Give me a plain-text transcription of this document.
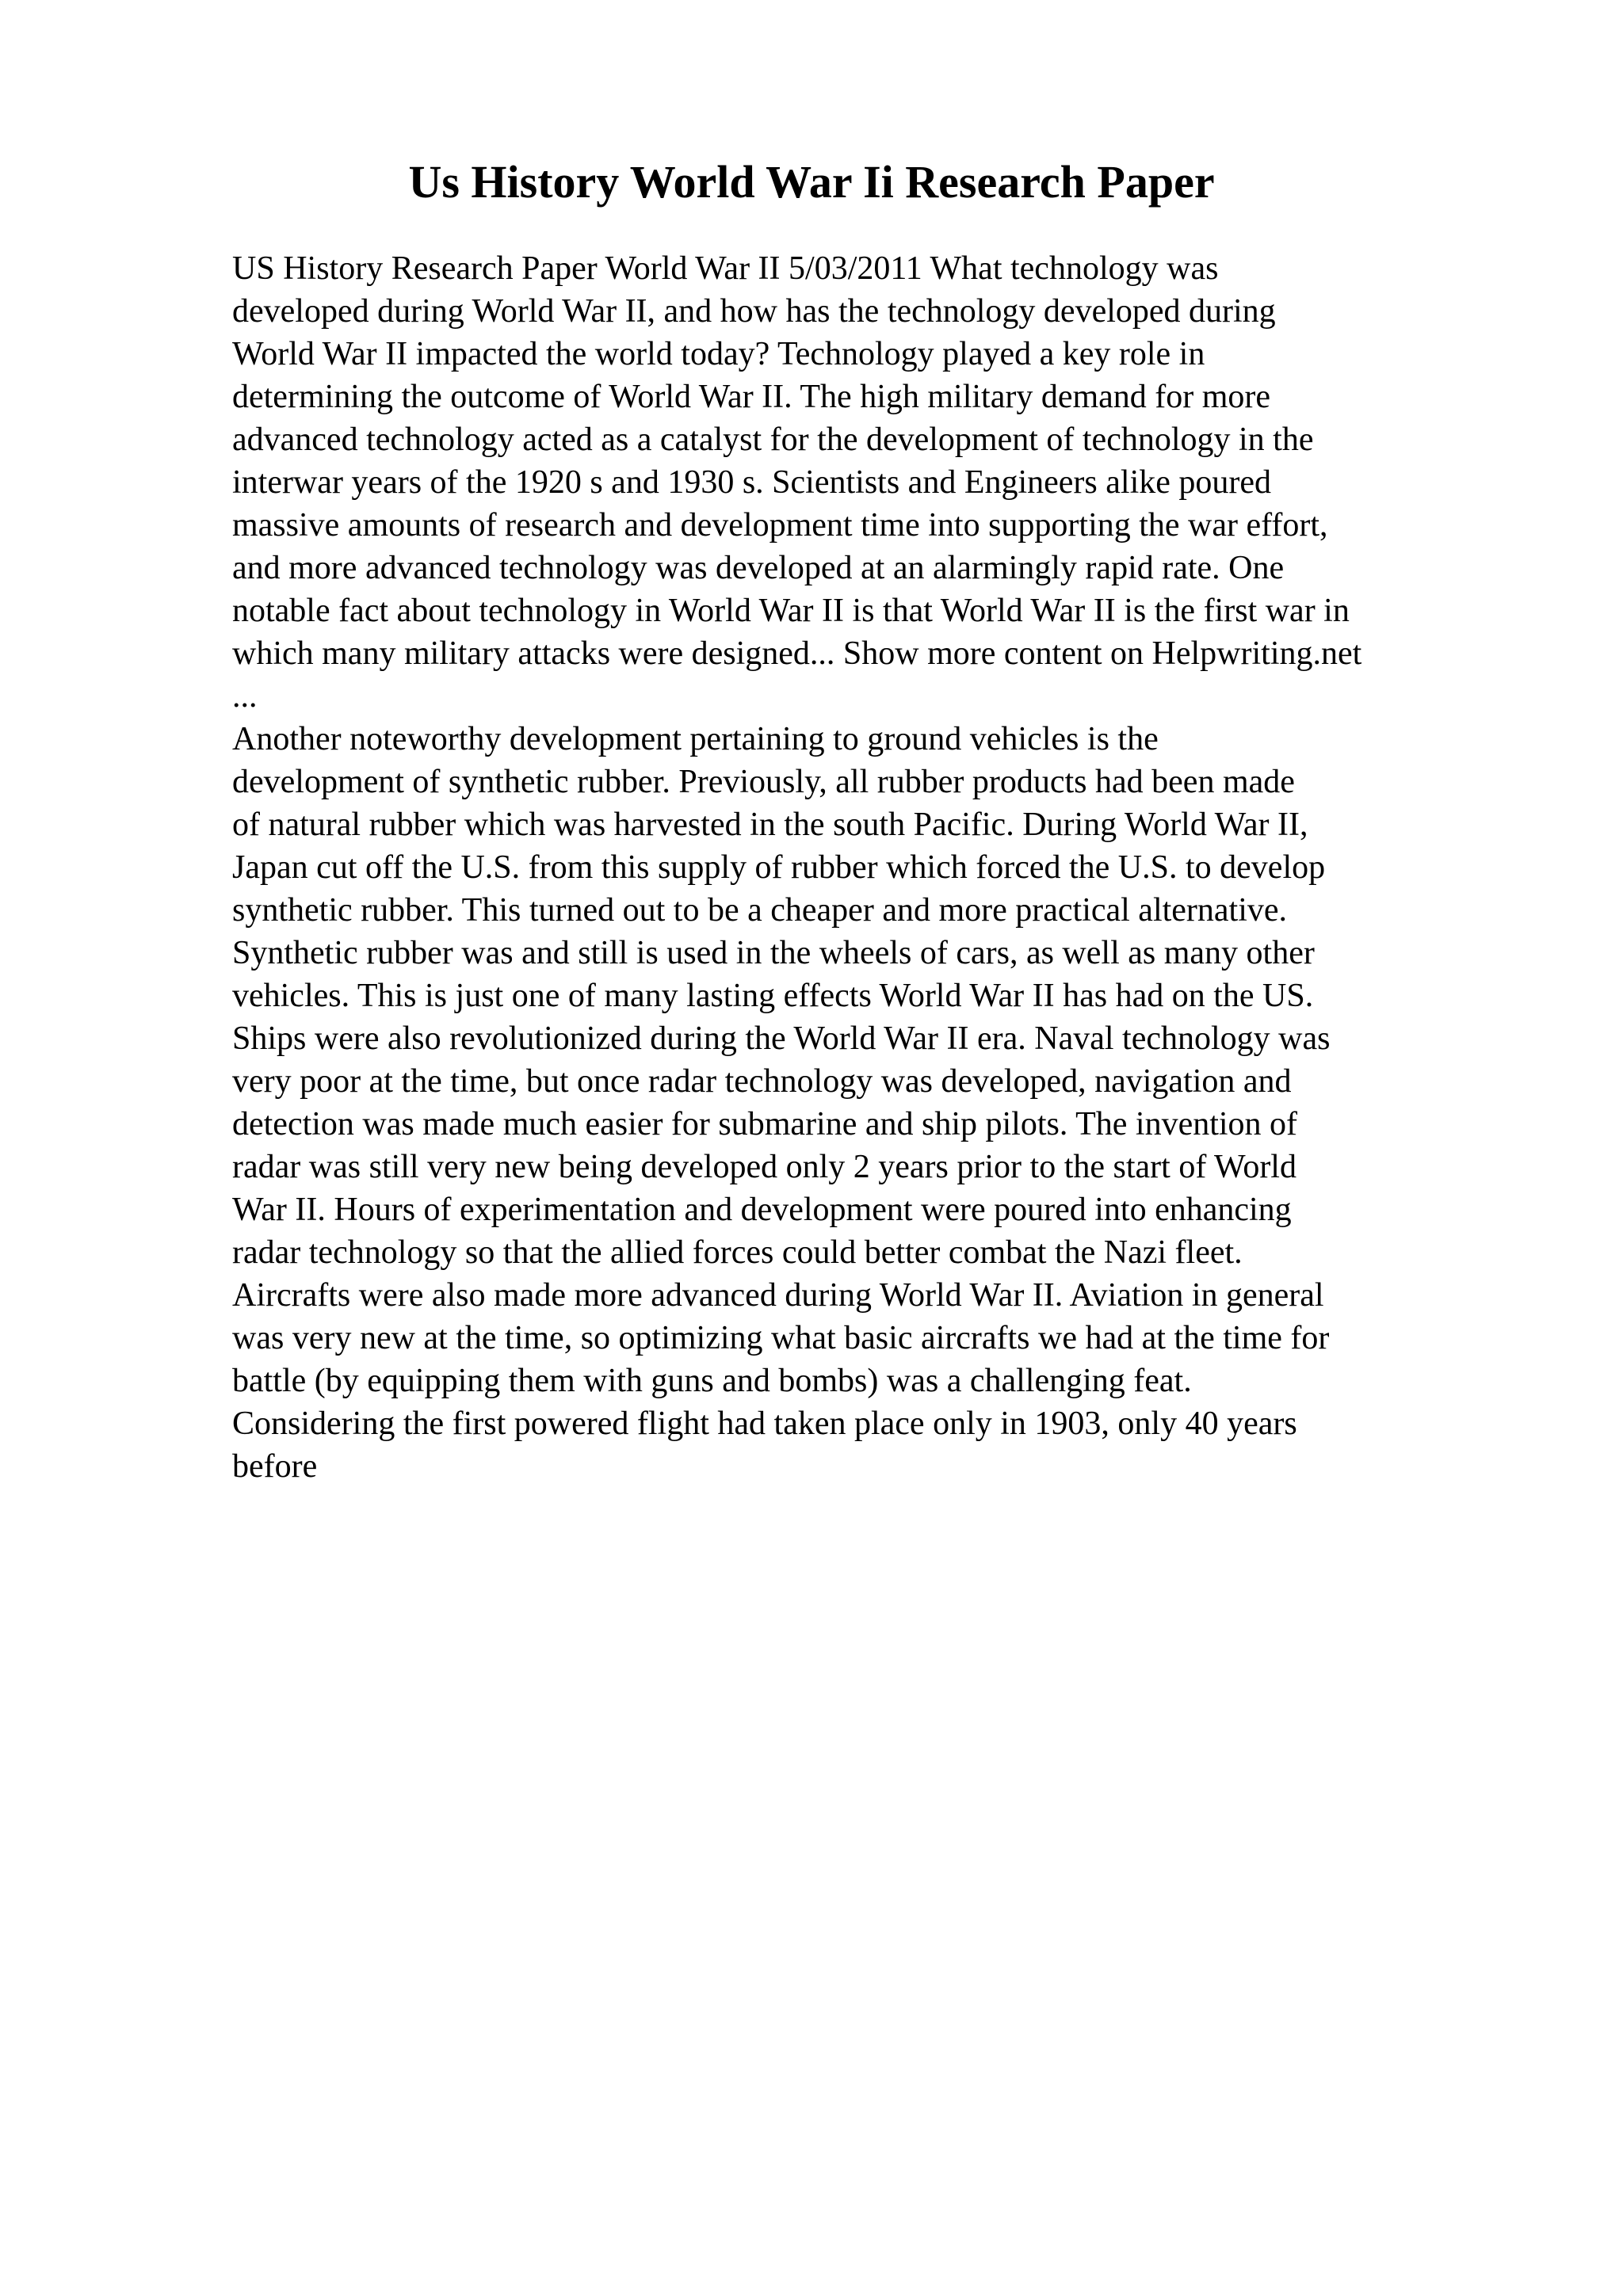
Us History World War Ii Research Paper
US History Research Paper World War II 5/03/2011 What technology was
developed during World War II, and how has the technology developed during
World War II impacted the world today? Technology played a key role in
determining the outcome of World War II. The high military demand for more
advanced technology acted as a catalyst for the development of technology in the
interwar years of the 1920 s and 1930 s. Scientists and Engineers alike poured
massive amounts of research and development time into supporting the war effort,
and more advanced technology was developed at an alarmingly rapid rate. One
notable fact about technology in World War II is that World War II is the first war in
which many military attacks were designed... Show more content on Helpwriting.net
...
Another noteworthy development pertaining to ground vehicles is the
development of synthetic rubber. Previously, all rubber products had been made
of natural rubber which was harvested in the south Pacific. During World War II,
Japan cut off the U.S. from this supply of rubber which forced the U.S. to develop
synthetic rubber. This turned out to be a cheaper and more practical alternative.
Synthetic rubber was and still is used in the wheels of cars, as well as many other
vehicles. This is just one of many lasting effects World War II has had on the US.
Ships were also revolutionized during the World War II era. Naval technology was
very poor at the time, but once radar technology was developed, navigation and
detection was made much easier for submarine and ship pilots. The invention of
radar was still very new being developed only 2 years prior to the start of World
War II. Hours of experimentation and development were poured into enhancing
radar technology so that the allied forces could better combat the Nazi fleet.
Aircrafts were also made more advanced during World War II. Aviation in general
was very new at the time, so optimizing what basic aircrafts we had at the time for
battle (by equipping them with guns and bombs) was a challenging feat.
Considering the first powered flight had taken place only in 1903, only 40 years
before
